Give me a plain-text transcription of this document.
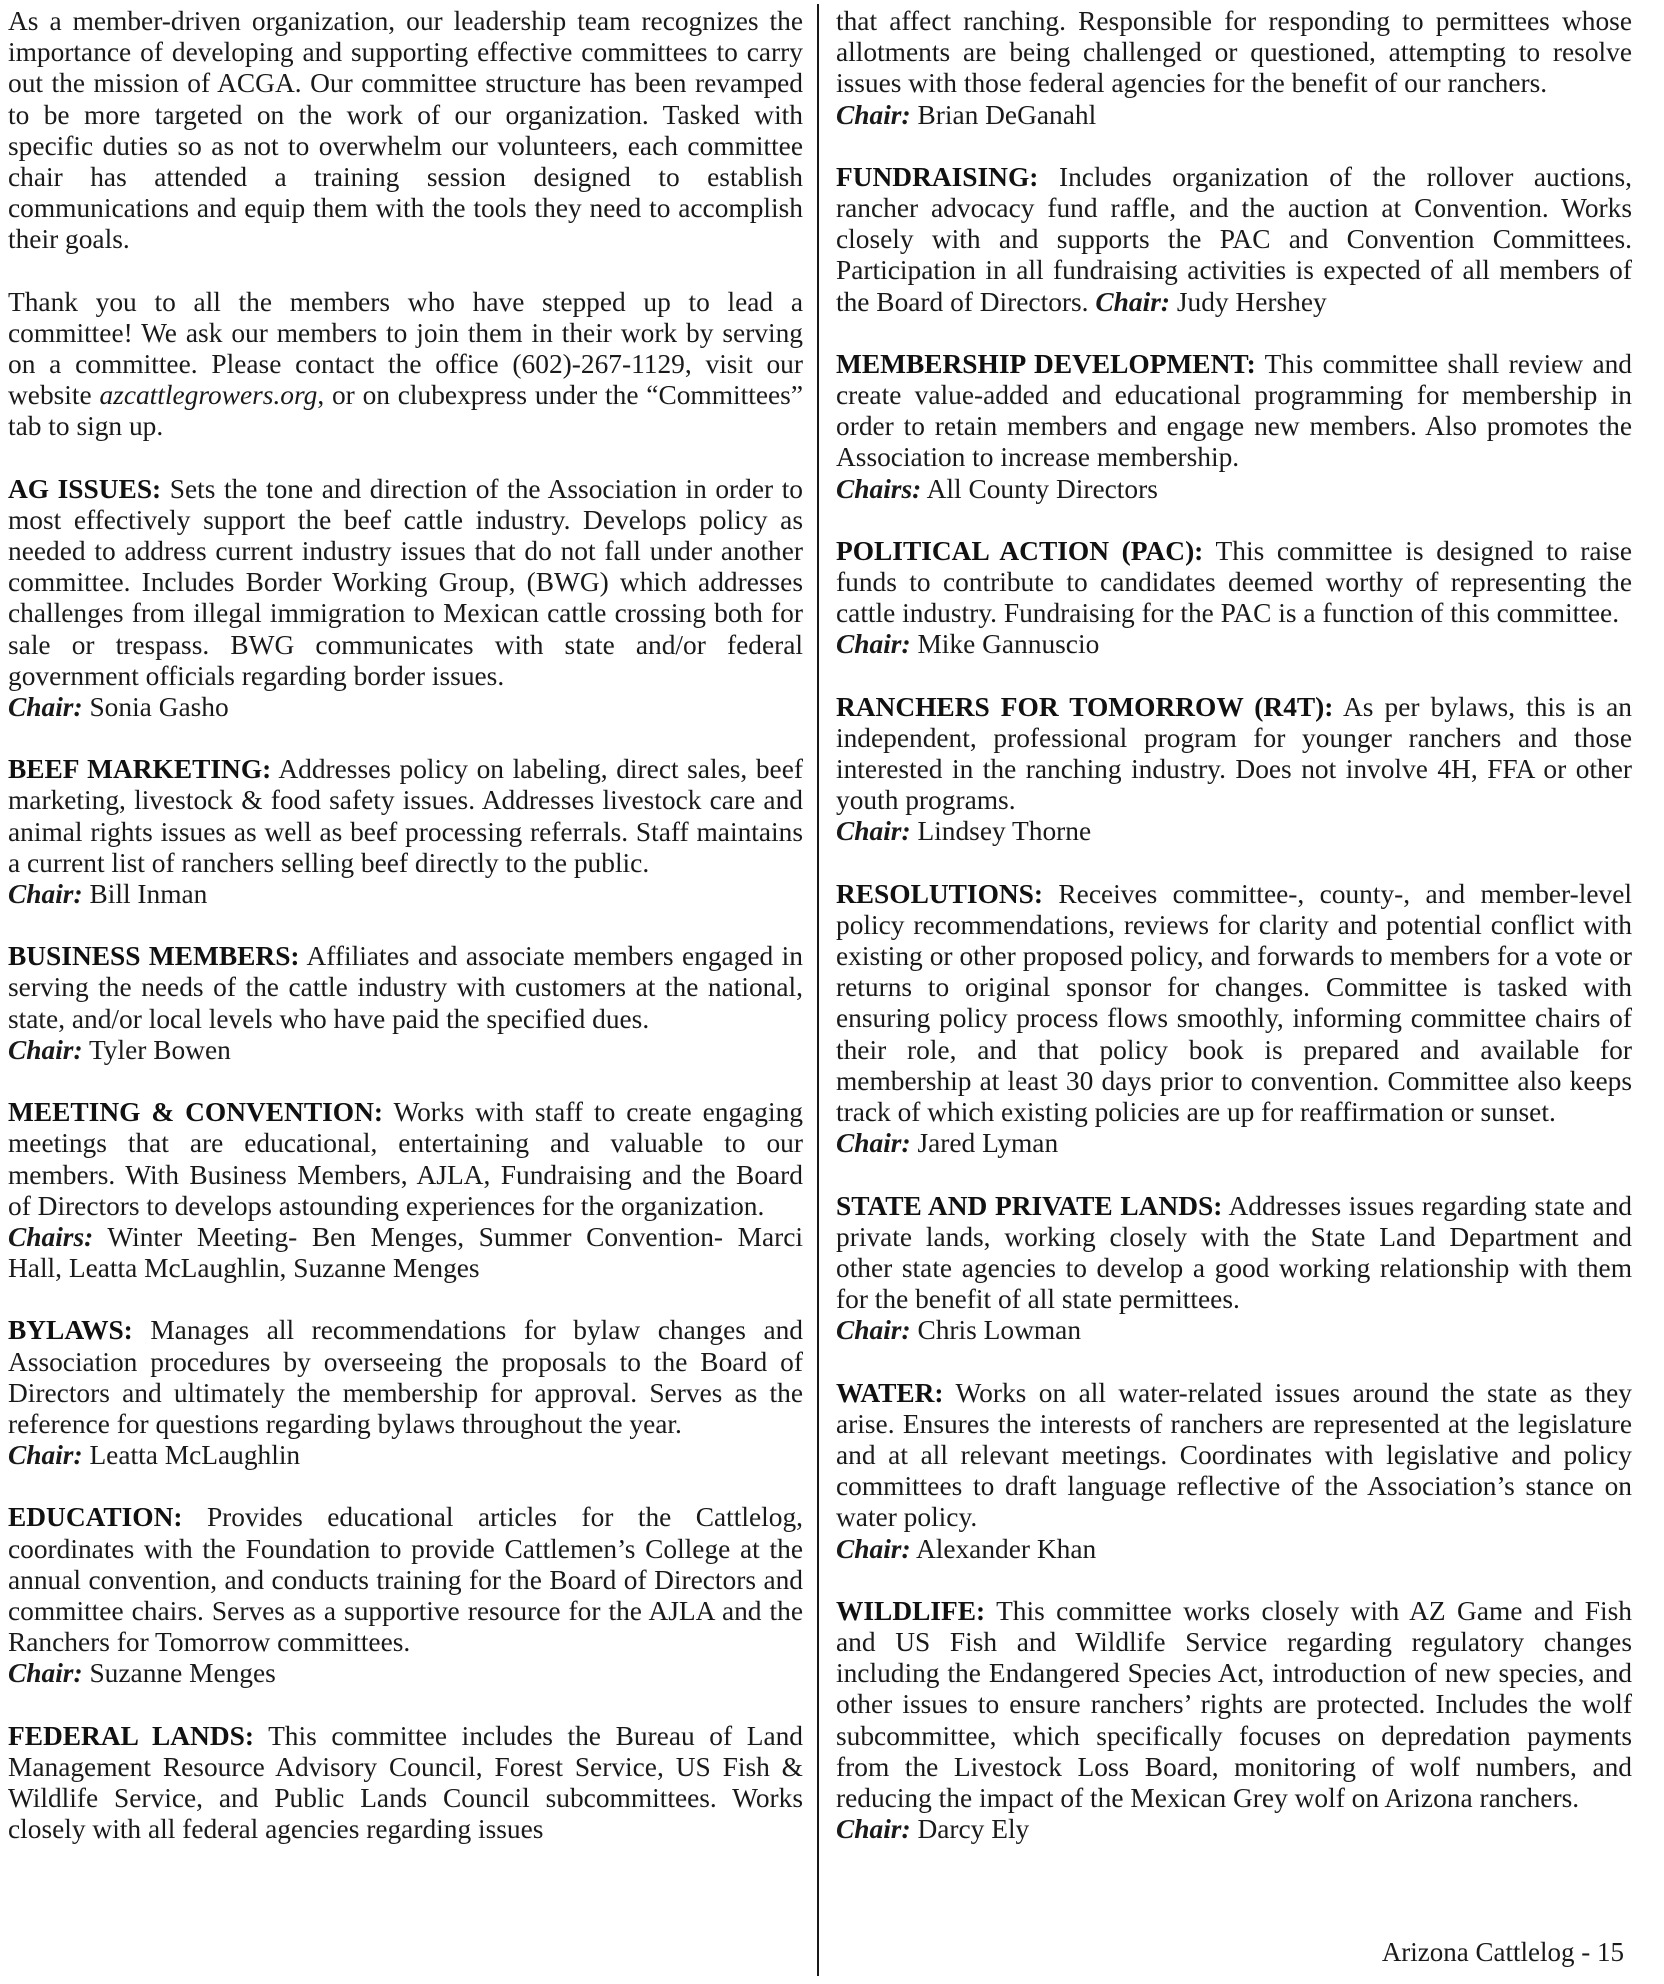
As a member-driven organization, our leadership team recognizes the importance of developing and supporting effective committees to carry out the mission of ACGA. Our committee structure has been revamped to be more targeted on the work of our organization. Tasked with specific duties so as not to overwhelm our volunteers, each committee chair has attended a training session designed to establish communications and equip them with the tools they need to accomplish their goals.

Thank you to all the members who have stepped up to lead a committee! We ask our members to join them in their work by serving on a committee. Please contact the office (602)-267-1129, visit our website azcattlegrowers.org, or on clubexpress under the “Committees” tab to sign up.

AG ISSUES: Sets the tone and direction of the Association in order to most effectively support the beef cattle industry. Develops policy as needed to address current industry issues that do not fall under another committee. Includes Border Working Group, (BWG) which addresses challenges from illegal immigration to Mexican cattle crossing both for sale or trespass. BWG communicates with state and/or federal government officials regarding border issues.

Chair: Sonia Gasho

BEEF MARKETING: Addresses policy on labeling, direct sales, beef marketing, livestock & food safety issues. Addresses livestock care and animal rights issues as well as beef processing referrals. Staff maintains a current list of ranchers selling beef directly to the public.

Chair: Bill Inman

BUSINESS MEMBERS: Affiliates and associate members engaged in serving the needs of the cattle industry with customers at the national, state, and/or local levels who have paid the specified dues.

Chair: Tyler Bowen

MEETING & CONVENTION: Works with staff to create engaging meetings that are educational, entertaining and valuable to our members. With Business Members, AJLA, Fundraising and the Board of Directors to develops astounding experiences for the organization.

Chairs: Winter Meeting- Ben Menges, Summer Convention- Marci Hall, Leatta McLaughlin, Suzanne Menges

BYLAWS: Manages all recommendations for bylaw changes and Association procedures by overseeing the proposals to the Board of Directors and ultimately the membership for approval. Serves as the reference for questions regarding bylaws throughout the year.

Chair: Leatta McLaughlin

EDUCATION: Provides educational articles for the Cattlelog, coordinates with the Foundation to provide Cattlemen’s College at the annual convention, and conducts training for the Board of Directors and committee chairs. Serves as a supportive resource for the AJLA and the Ranchers for Tomorrow committees.

Chair: Suzanne Menges

FEDERAL LANDS: This committee includes the Bureau of Land Management Resource Advisory Council, Forest Service, US Fish & Wildlife Service, and Public Lands Council subcommittees. Works closely with all federal agencies regarding issues

that affect ranching. Responsible for responding to permittees whose allotments are being challenged or questioned, attempting to resolve issues with those federal agencies for the benefit of our ranchers.

Chair: Brian DeGanahl

FUNDRAISING: Includes organization of the rollover auctions, rancher advocacy fund raffle, and the auction at Convention. Works closely with and supports the PAC and Convention Committees. Participation in all fundraising activities is expected of all members of the Board of Directors. Chair: Judy Hershey

MEMBERSHIP DEVELOPMENT: This committee shall review and create value-added and educational programming for membership in order to retain members and engage new members. Also promotes the Association to increase membership.

Chairs: All County Directors

POLITICAL ACTION (PAC): This committee is designed to raise funds to contribute to candidates deemed worthy of representing the cattle industry. Fundraising for the PAC is a function of this committee.

Chair: Mike Gannuscio

RANCHERS FOR TOMORROW (R4T): As per bylaws, this is an independent, professional program for younger ranchers and those interested in the ranching industry. Does not involve 4H, FFA or other youth programs.

Chair: Lindsey Thorne

RESOLUTIONS: Receives committee-, county-, and member-level policy recommendations, reviews for clarity and potential conflict with existing or other proposed policy, and forwards to members for a vote or returns to original sponsor for changes. Committee is tasked with ensuring policy process flows smoothly, informing committee chairs of their role, and that policy book is prepared and available for membership at least 30 days prior to convention. Committee also keeps track of which existing policies are up for reaffirmation or sunset.

Chair: Jared Lyman

STATE AND PRIVATE LANDS: Addresses issues regarding state and private lands, working closely with the State Land Department and other state agencies to develop a good working relationship with them for the benefit of all state permittees.

Chair: Chris Lowman

WATER: Works on all water-related issues around the state as they arise. Ensures the interests of ranchers are represented at the legislature and at all relevant meetings. Coordinates with legislative and policy committees to draft language reflective of the Association’s stance on water policy.

Chair: Alexander Khan

WILDLIFE: This committee works closely with AZ Game and Fish and US Fish and Wildlife Service regarding regulatory changes including the Endangered Species Act, introduction of new species, and other issues to ensure ranchers’ rights are protected. Includes the wolf subcommittee, which specifically focuses on depredation payments from the Livestock Loss Board, monitoring of wolf numbers, and reducing the impact of the Mexican Grey wolf on Arizona ranchers.

Chair: Darcy Ely

Arizona Cattlelog - 15
